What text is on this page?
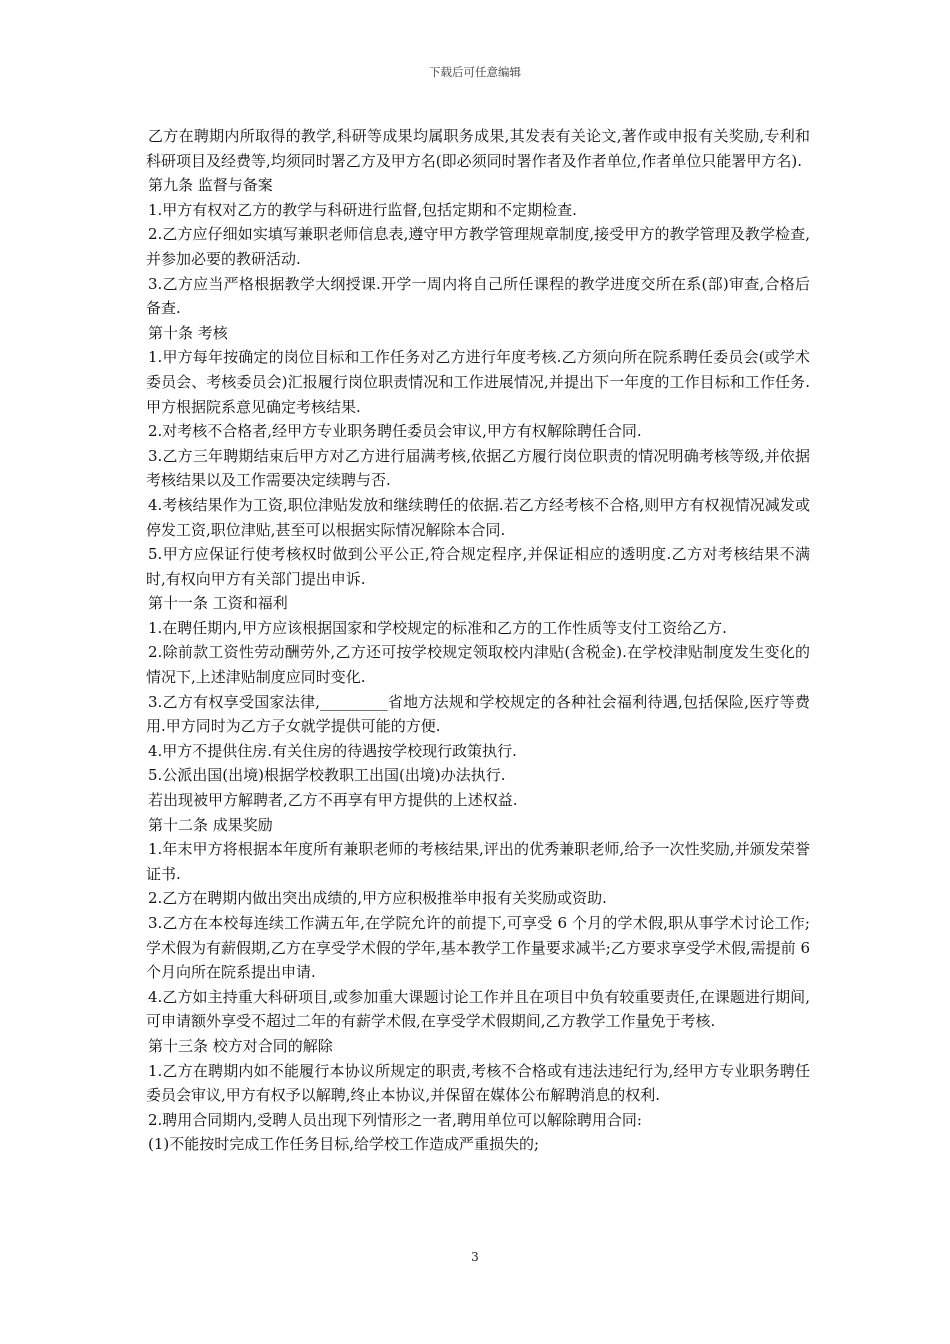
下载后可任意编辑

乙方在聘期内所取得的教学,科研等成果均属职务成果,其发表有关论文,著作或申报有关奖励,专利和科研项目及经费等,均须同时署乙方及甲方名(即必须同时署作者及作者单位,作者单位只能署甲方名).

第九条 监督与备案

1.甲方有权对乙方的教学与科研进行监督,包括定期和不定期检查.

2.乙方应仔细如实填写兼职老师信息表,遵守甲方教学管理规章制度,接受甲方的教学管理及教学检查,并参加必要的教研活动.

3.乙方应当严格根据教学大纲授课.开学一周内将自己所任课程的教学进度交所在系(部)审查,合格后备查.

第十条 考核

1.甲方每年按确定的岗位目标和工作任务对乙方进行年度考核.乙方须向所在院系聘任委员会(或学术委员会、考核委员会)汇报履行岗位职责情况和工作进展情况,并提出下一年度的工作目标和工作任务.甲方根据院系意见确定考核结果.

2.对考核不合格者,经甲方专业职务聘任委员会审议,甲方有权解除聘任合同.

3.乙方三年聘期结束后甲方对乙方进行届满考核,依据乙方履行岗位职责的情况明确考核等级,并依据考核结果以及工作需要决定续聘与否.

4.考核结果作为工资,职位津贴发放和继续聘任的依据.若乙方经考核不合格,则甲方有权视情况减发或停发工资,职位津贴,甚至可以根据实际情况解除本合同.

5.甲方应保证行使考核权时做到公平公正,符合规定程序,并保证相应的透明度.乙方对考核结果不满时,有权向甲方有关部门提出申诉.

第十一条 工资和福利

1.在聘任期内,甲方应该根据国家和学校规定的标准和乙方的工作性质等支付工资给乙方.

2.除前款工资性劳动酬劳外,乙方还可按学校规定领取校内津贴(含税金).在学校津贴制度发生变化的情况下,上述津贴制度应同时变化.

3.乙方有权享受国家法律,_________省地方法规和学校规定的各种社会福利待遇,包括保险,医疗等费用.甲方同时为乙方子女就学提供可能的方便.

4.甲方不提供住房.有关住房的待遇按学校现行政策执行.

5.公派出国(出境)根据学校教职工出国(出境)办法执行.

若出现被甲方解聘者,乙方不再享有甲方提供的上述权益.

第十二条 成果奖励

1.年末甲方将根据本年度所有兼职老师的考核结果,评出的优秀兼职老师,给予一次性奖励,并颁发荣誉证书.

2.乙方在聘期内做出突出成绩的,甲方应积极推举申报有关奖励或资助.

3.乙方在本校每连续工作满五年,在学院允许的前提下,可享受 6 个月的学术假,职从事学术讨论工作;学术假为有薪假期,乙方在享受学术假的学年,基本教学工作量要求减半;乙方要求享受学术假,需提前 6 个月向所在院系提出申请.

4.乙方如主持重大科研项目,或参加重大课题讨论工作并且在项目中负有较重要责任,在课题进行期间,可申请额外享受不超过二年的有薪学术假,在享受学术假期间,乙方教学工作量免于考核.

第十三条 校方对合同的解除

1.乙方在聘期内如不能履行本协议所规定的职责,考核不合格或有违法违纪行为,经甲方专业职务聘任委员会审议,甲方有权予以解聘,终止本协议,并保留在媒体公布解聘消息的权利.

2.聘用合同期内,受聘人员出现下列情形之一者,聘用单位可以解除聘用合同:

(1)不能按时完成工作任务目标,给学校工作造成严重损失的;

3
